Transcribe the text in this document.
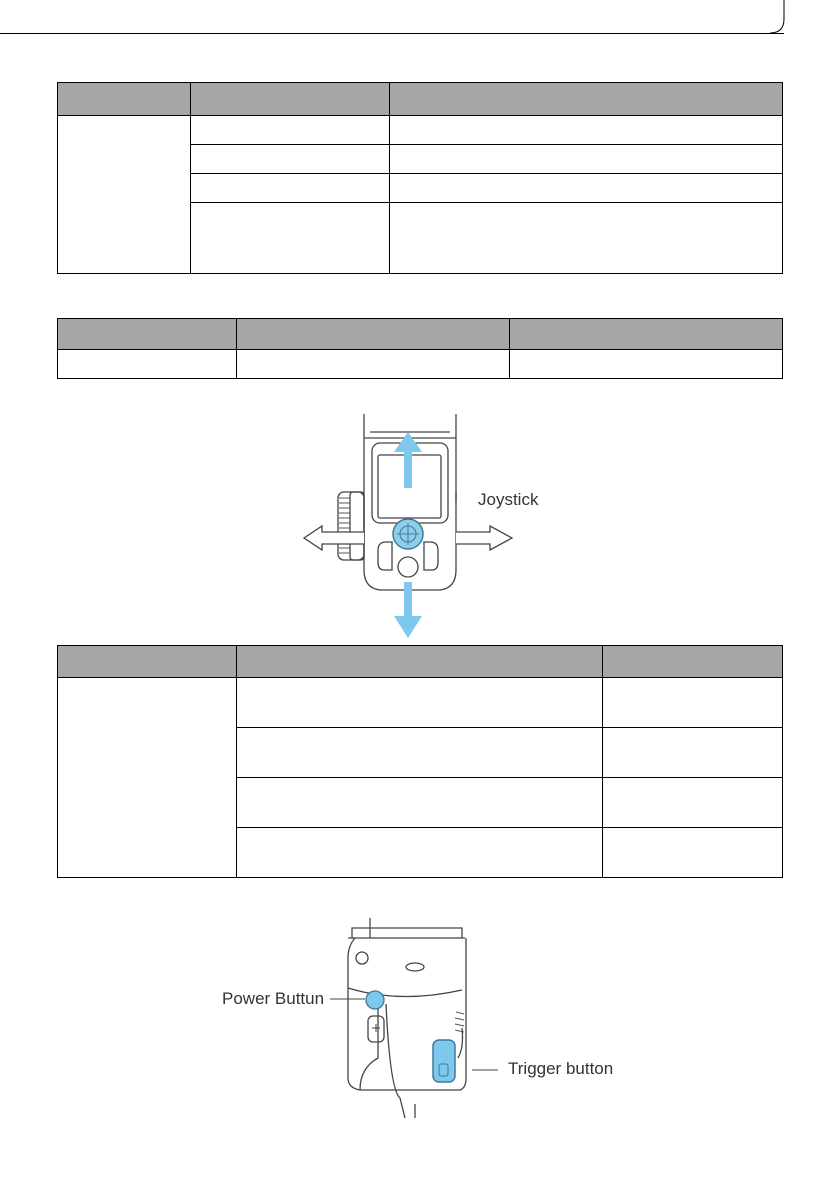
Joystick

Power Buttun
Trigger button
